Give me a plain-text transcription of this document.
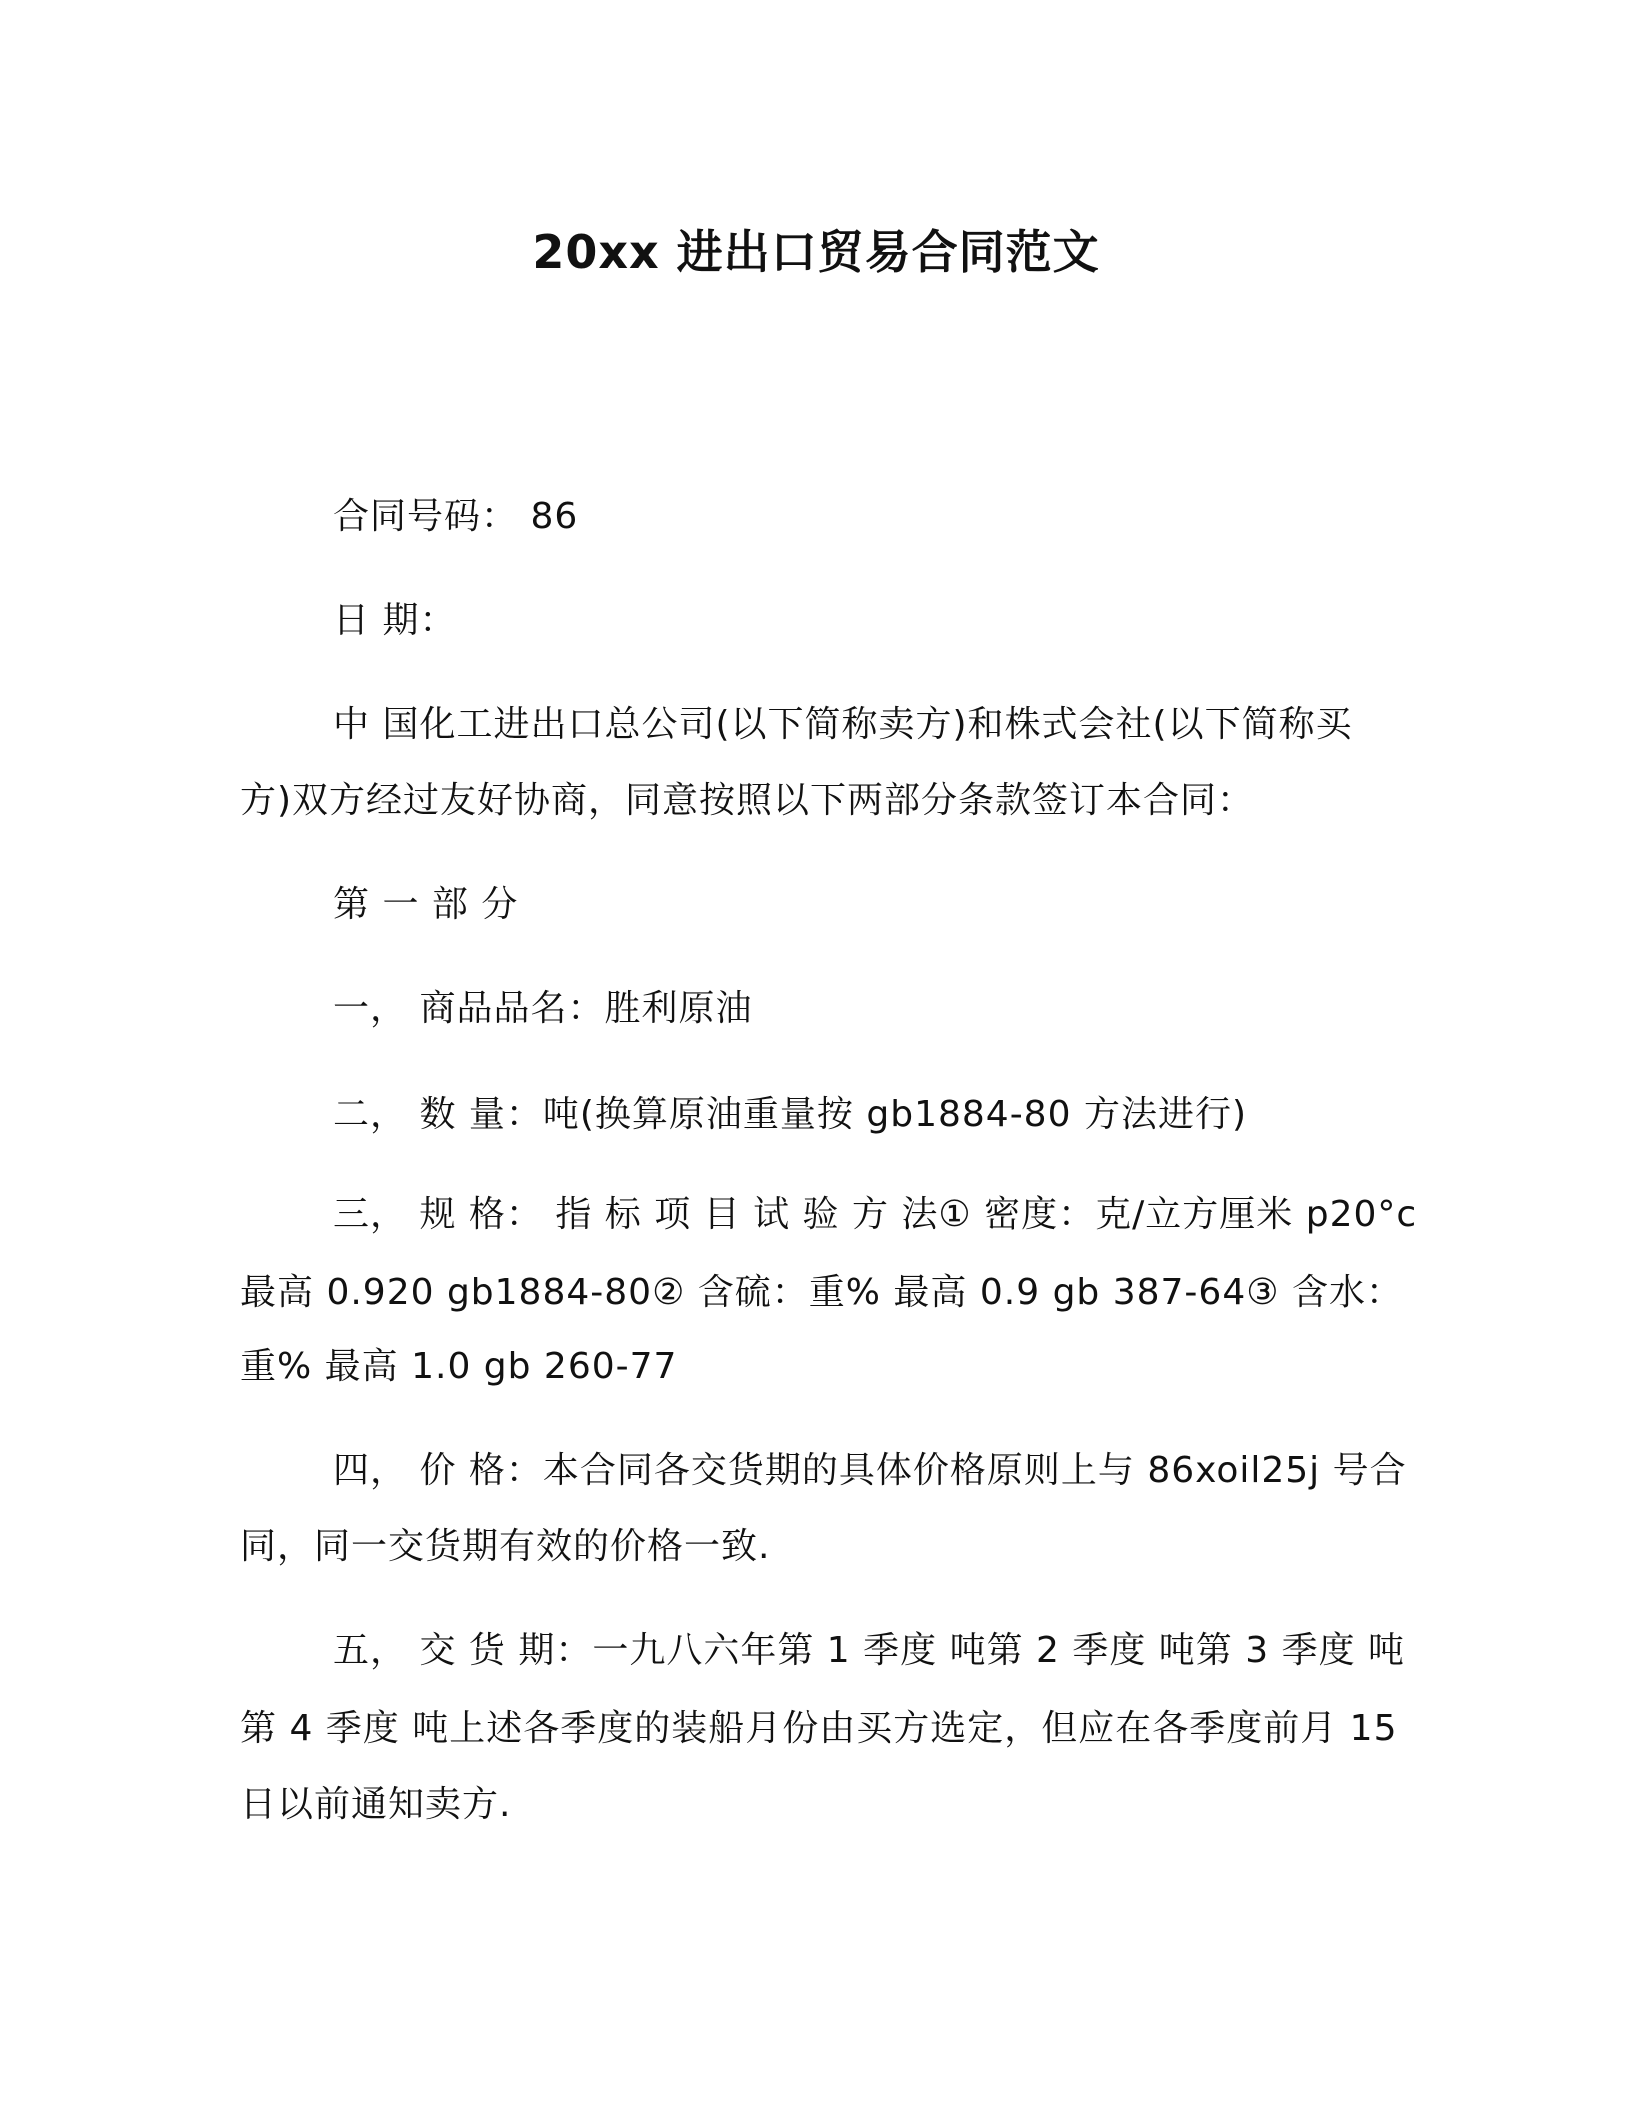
20xx 进出口贸易合同范文
合同号码： 86
日 期：
中 国化工进出口总公司(以下简称卖方)和株式会社(以下简称买
方)双方经过友好协商，同意按照以下两部分条款签订本合同：
第 一 部 分
一， 商品品名：胜利原油
二， 数 量：吨(换算原油重量按 gb1884-80 方法进行)
三， 规 格： 指 标 项 目 试 验 方 法① 密度：克/立方厘米 p20°c
最高 0.920 gb1884-80② 含硫：重% 最高 0.9 gb 387-64③ 含水：
重% 最高 1.0 gb 260-77
四， 价 格：本合同各交货期的具体价格原则上与 86xoil25j 号合
同，同一交货期有效的价格一致.
五， 交 货 期：一九八六年第 1 季度 吨第 2 季度 吨第 3 季度 吨
第 4 季度 吨上述各季度的装船月份由买方选定，但应在各季度前月 15
日以前通知卖方.
